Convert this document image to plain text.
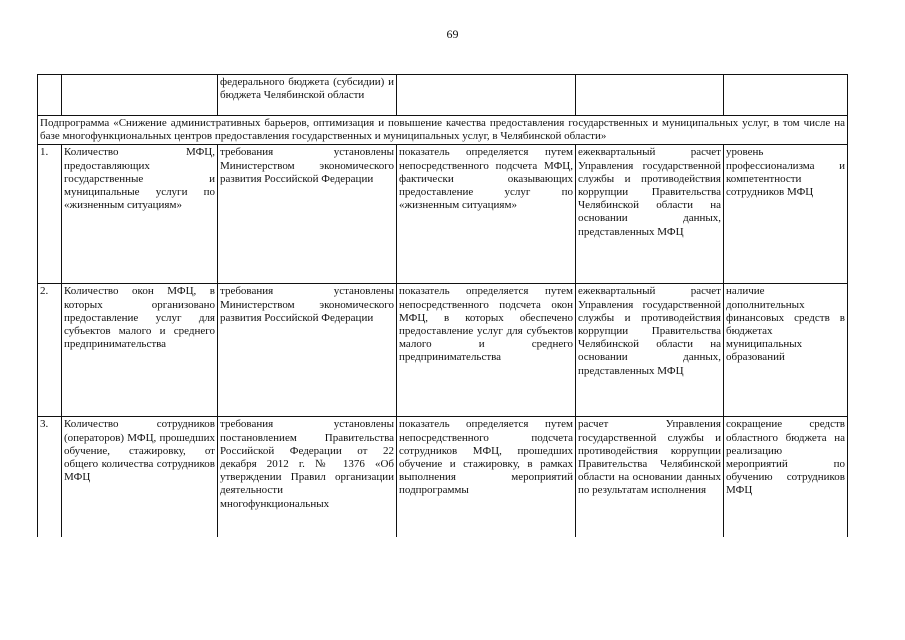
69
		федерального бюджета (субсидии) и бюджета Челябинской области			
Подпрограмма «Снижение административных барьеров, оптимизация и повышение качества предоставления государственных и муниципальных услуг, в том числе на базе многофункциональных центров предоставления государственных и муниципальных услуг, в Челябинской области»					
1.	Количество МФЦ, предоставляющих государственные и муниципальные услуги по «жизненным ситуациям»	требования установлены Министерством экономического развития Российской Федерации	показатель определяется путем непосредственного подсчета МФЦ, фактически оказывающих предоставление услуг по «жизненным ситуациям»	ежеквартальный расчет Управления государственной службы и противодействия коррупции Правительства Челябинской области на основании данных, представленных МФЦ	уровень профессионализма и компетентности сотрудников МФЦ
2.	Количество окон МФЦ, в которых организовано предоставление услуг для субъектов малого и среднего предпринимательства	требования установлены Министерством экономического развития Российской Федерации	показатель определяется путем непосредственного подсчета окон МФЦ, в которых обеспечено предоставление услуг для субъектов малого и среднего предпринимательства	ежеквартальный расчет Управления государственной службы и противодействия коррупции Правительства Челябинской области на основании данных, представленных МФЦ	наличие дополнительных финансовых средств в бюджетах муниципальных образований
3.	Количество сотрудников (операторов) МФЦ, прошедших обучение, стажировку, от общего количества сотрудников МФЦ	требования установлены постановлением Правительства Российской Федерации от 22 декабря 2012 г. № 1376 «Об утверждении Правил организации деятельности многофункциональных	показатель определяется путем непосредственного подсчета сотрудников МФЦ, прошедших обучение и стажировку, в рамках выполнения мероприятий подпрограммы	расчет Управления государственной службы и противодействия коррупции Правительства Челябинской области на основании данных по результатам исполнения	сокращение средств областного бюджета на реализацию мероприятий по обучению сотрудников МФЦ
